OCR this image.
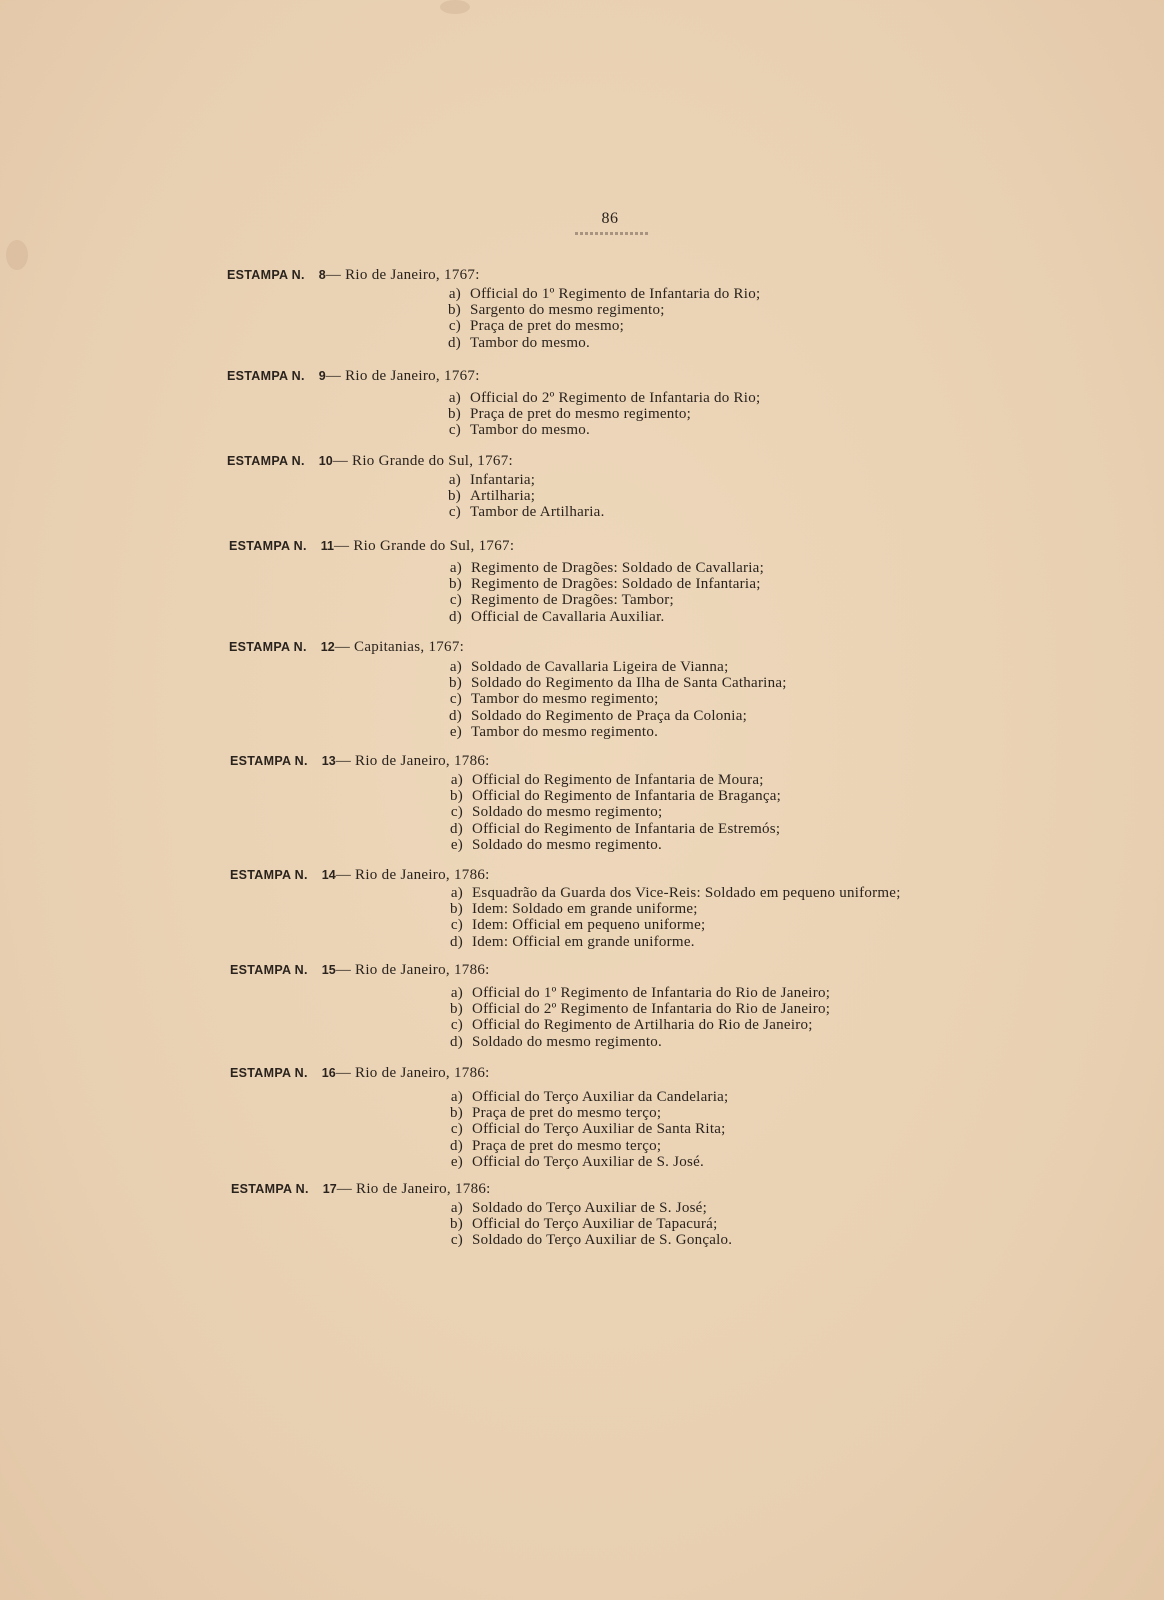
86
ESTAMPA N. 8— Rio de Janeiro, 1767:
a) Official do 1º Regimento de Infantaria do Rio;
b) Sargento do mesmo regimento;
c) Praça de pret do mesmo;
d) Tambor do mesmo.
ESTAMPA N. 9— Rio de Janeiro, 1767:
a) Official do 2º Regimento de Infantaria do Rio;
b) Praça de pret do mesmo regimento;
c) Tambor do mesmo.
ESTAMPA N. 10— Rio Grande do Sul, 1767:
a) Infantaria;
b) Artilharia;
c) Tambor de Artilharia.
ESTAMPA N. 11— Rio Grande do Sul, 1767:
a) Regimento de Dragões: Soldado de Cavallaria;
b) Regimento de Dragões: Soldado de Infantaria;
c) Regimento de Dragões: Tambor;
d) Official de Cavallaria Auxiliar.
ESTAMPA N. 12— Capitanias, 1767:
a) Soldado de Cavallaria Ligeira de Vianna;
b) Soldado do Regimento da Ilha de Santa Catharina;
c) Tambor do mesmo regimento;
d) Soldado do Regimento de Praça da Colonia;
e) Tambor do mesmo regimento.
ESTAMPA N. 13— Rio de Janeiro, 1786:
a) Official do Regimento de Infantaria de Moura;
b) Official do Regimento de Infantaria de Bragança;
c) Soldado do mesmo regimento;
d) Official do Regimento de Infantaria de Estremós;
e) Soldado do mesmo regimento.
ESTAMPA N. 14— Rio de Janeiro, 1786:
a) Esquadrão da Guarda dos Vice-Reis: Soldado em pequeno uniforme;
b) Idem: Soldado em grande uniforme;
c) Idem: Official em pequeno uniforme;
d) Idem: Official em grande uniforme.
ESTAMPA N. 15— Rio de Janeiro, 1786:
a) Official do 1º Regimento de Infantaria do Rio de Janeiro;
b) Official do 2º Regimento de Infantaria do Rio de Janeiro;
c) Official do Regimento de Artilharia do Rio de Janeiro;
d) Soldado do mesmo regimento.
ESTAMPA N. 16— Rio de Janeiro, 1786:
a) Official do Terço Auxiliar da Candelaria;
b) Praça de pret do mesmo terço;
c) Official do Terço Auxiliar de Santa Rita;
d) Praça de pret do mesmo terço;
e) Official do Terço Auxiliar de S. José.
ESTAMPA N. 17— Rio de Janeiro, 1786:
a) Soldado do Terço Auxiliar de S. José;
b) Official do Terço Auxiliar de Tapacurá;
c) Soldado do Terço Auxiliar de S. Gonçalo.
